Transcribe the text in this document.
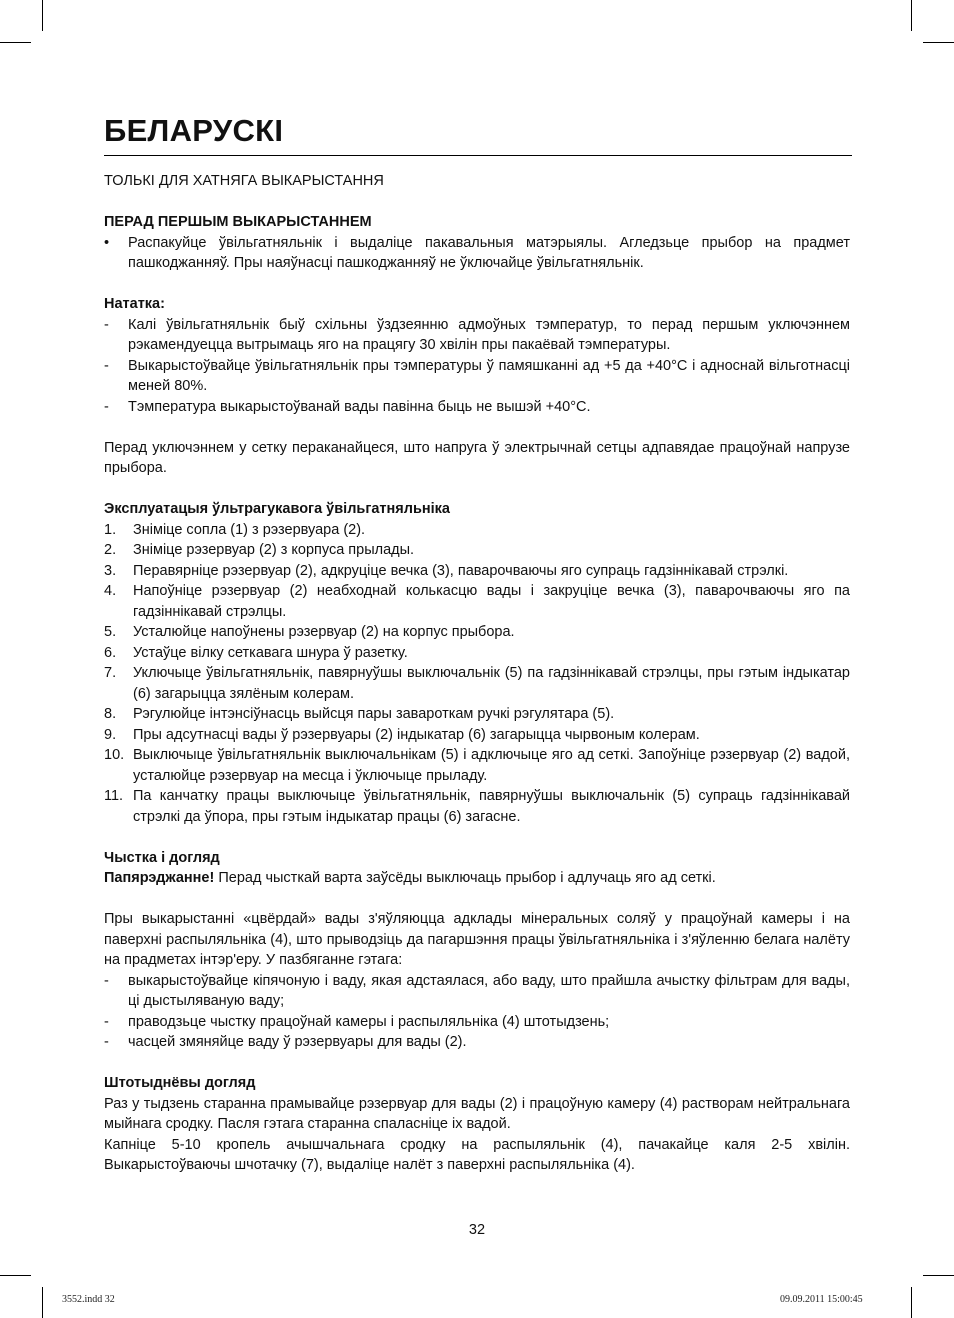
БЕЛАРУСКІ

ТОЛЬКІ ДЛЯ ХАТНЯГА ВЫКАРЫСТАННЯ

ПЕРАД ПЕРШЫМ ВЫКАРЫСТАННЕМ

•	Распакуйце ўвільгатняльнік і выдаліце пакавальныя матэрыялы. Агледзьце прыбор на прадмет пашкоджанняў. Пры наяўнасці пашкоджанняў не ўключайце ўвільгатняльнік.

Нататка:

-	Калі ўвільгатняльнік быў схільны ўздзеянню адмоўных тэмператур, то перад першым уключэннем рэкамендуецца вытрымаць яго на працягу 30 хвілін пры пакаёвай тэмпературы.
-	Выкарыстоўвайце ўвільгатняльнік пры тэмпературы ў памяшканні ад +5 да +40°С і адноснай вільготнасці меней 80%.
-	Тэмпература выкарыстоўванай вады павінна быць не вышэй +40°С.

Перад уключэннем у сетку пераканайцеся, што напруга ў электрычнай сетцы адпавядае працоўнай напрузе прыбора.

Эксплуатацыя ўльтрагукавога ўвільгатняльніка

1.	Зніміце сопла (1) з рэзервуара (2).
2.	Зніміце рэзервуар (2) з корпуса прылады.
3.	Перавярніце рэзервуар (2), адкруціце вечка (3), паварочваючы яго супраць гадзіннікавай стрэлкі.
4.	Напоўніце рэзервуар (2) неабходнай колькасцю вады і закруціце вечка (3), паварочваючы яго па гадзіннікавай стрэлцы.
5.	Усталюйце напоўнены рэзервуар (2) на корпус прыбора.
6.	Устаўце вілку сеткавага шнура ў разетку.
7.	Уключыце ўвільгатняльнік, павярнуўшы выключальнік (5) па гадзіннікавай стрэлцы, пры гэтым індыкатар (6) загарыцца зялёным колерам.
8.	Рэгулюйце інтэнсіўнасць выйсця пары завароткам ручкі рэгулятара (5).
9.	Пры адсутнасці вады ў рэзервуары (2) індыкатар (6) загарыцца чырвоным колерам.
10. Выключыце ўвільгатняльнік выключальнікам (5) і адключыце яго ад сеткі. Запоўніце рэзервуар (2) вадой, усталюйце рэзервуар на месца і ўключыце прыладу.
11. Па канчатку працы выключыце ўвільгатняльнік, павярнуўшы выключальнік (5) супраць гадзіннікавай стрэлкі да ўпора, пры гэтым індыкатар працы (6) загасне.

Чыстка і догляд

Папярэджанне! Перад чысткай варта заўсёды выключаць прыбор і адлучаць яго ад сеткі.

Пры выкарыстанні «цвёрдай» вады з'яўляюцца адклады мінеральных соляў у працоўнай камеры і на паверхні распыляльніка (4), што прыводзіць да пагаршэння працы ўвільгатняльніка і з'яўленню белага налёту на прадметах інтэр'еру. У пазбяганне гэтага:

-	выкарыстоўвайце кіпячоную і ваду, якая адстаялася, або ваду, што прайшла ачыстку фільтрам для вады, ці дыстыляваную ваду;
-	праводзьце чыстку працоўнай камеры і распыляльніка (4) штотыдзень;
-	часцей змяняйце ваду ў рэзервуары для вады (2).

Штотыднёвы догляд

Раз у тыдзень старанна прамывайце рэзервуар для вады (2) і працоўную камеру (4) растворам нейтральнага мыйнага сродку. Пасля гэтага старанна спаласніце іх вадой.

Капніце 5-10 кропель ачышчальнага сродку на распыляльнік (4), пачакайце каля 2-5 хвілін. Выкарыстоўваючы шчотачку (7), выдаліце налёт з паверхні распыляльніка (4).

32
3552.indd 32	09.09.2011 15:00:45
